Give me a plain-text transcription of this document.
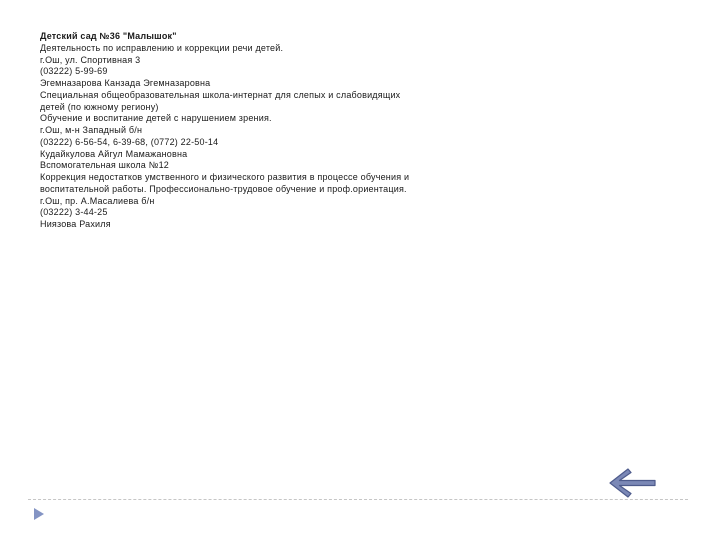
Детский сад №36 "Малышок"
Деятельность по исправлению и коррекции речи детей.
г.Ош, ул. Спортивная 3
(03222) 5-99-69
Эгемназарова Канзада Эгемназаровна
Специальная общеобразовательная школа-интернат для слепых и слабовидящих
детей (по южному региону)
Обучение и воспитание детей с нарушением зрения.
г.Ош, м-н Западный б/н
(03222) 6-56-54, 6-39-68, (0772) 22-50-14
Кудайкулова Айгул Мамажановна
Вспомогательная школа №12
Коррекция недостатков умственного и физического развития в процессе обучения и
воспитательной работы. Профессионально-трудовое обучение и проф.ориентация.
г.Ош, пр. А.Масалиева б/н
(03222) 3-44-25
Ниязова Рахиля
